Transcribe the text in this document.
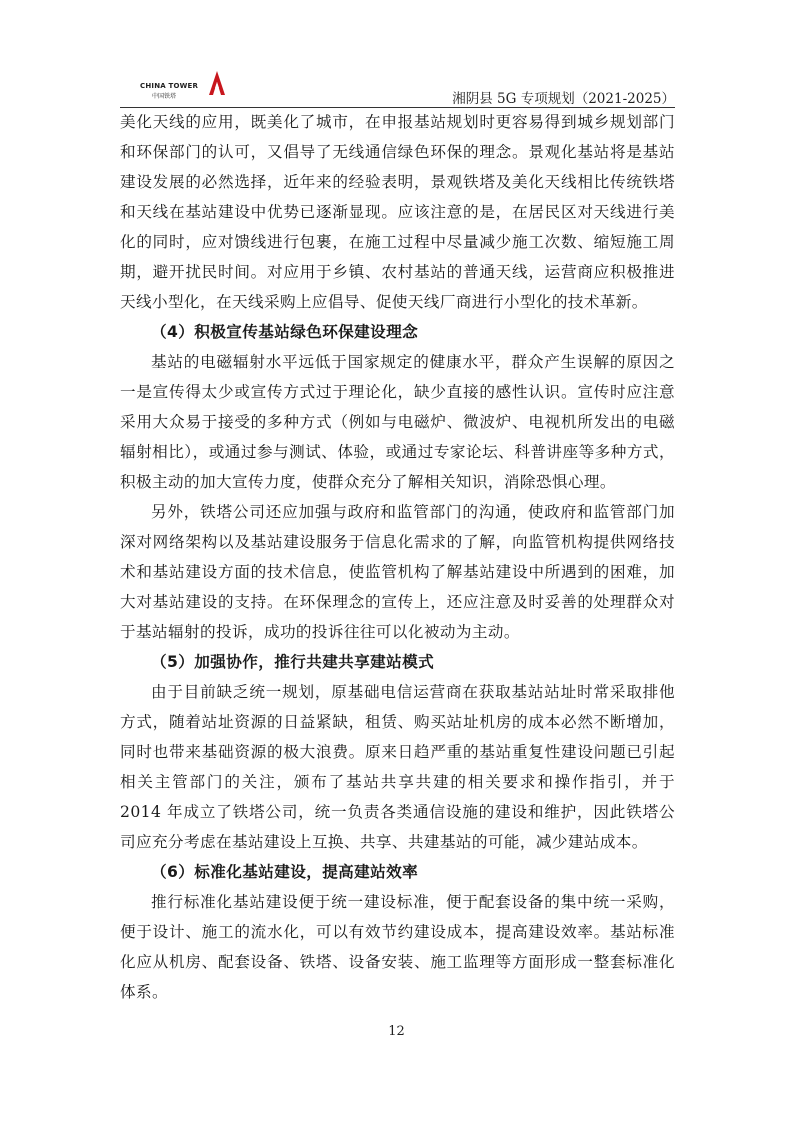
CHINA TOWER
中国铁塔	湘阴县 5G 专项规划（2021-2025）

美化天线的应用，既美化了城市，在申报基站规划时更容易得到城乡规划部门和环保部门的认可，又倡导了无线通信绿色环保的理念。景观化基站将是基站建设发展的必然选择，近年来的经验表明，景观铁塔及美化天线相比传统铁塔和天线在基站建设中优势已逐渐显现。应该注意的是，在居民区对天线进行美化的同时，应对馈线进行包裹，在施工过程中尽量减少施工次数、缩短施工周期，避开扰民时间。对应用于乡镇、农村基站的普通天线，运营商应积极推进天线小型化，在天线采购上应倡导、促使天线厂商进行小型化的技术革新。

（4）积极宣传基站绿色环保建设理念

基站的电磁辐射水平远低于国家规定的健康水平，群众产生误解的原因之一是宣传得太少或宣传方式过于理论化，缺少直接的感性认识。宣传时应注意采用大众易于接受的多种方式（例如与电磁炉、微波炉、电视机所发出的电磁辐射相比），或通过参与测试、体验，或通过专家论坛、科普讲座等多种方式，积极主动的加大宣传力度，使群众充分了解相关知识，消除恐惧心理。

另外，铁塔公司还应加强与政府和监管部门的沟通，使政府和监管部门加深对网络架构以及基站建设服务于信息化需求的了解，向监管机构提供网络技术和基站建设方面的技术信息，使监管机构了解基站建设中所遇到的困难，加大对基站建设的支持。在环保理念的宣传上，还应注意及时妥善的处理群众对于基站辐射的投诉，成功的投诉往往可以化被动为主动。

（5）加强协作，推行共建共享建站模式

由于目前缺乏统一规划，原基础电信运营商在获取基站站址时常采取排他方式，随着站址资源的日益紧缺，租赁、购买站址机房的成本必然不断增加，同时也带来基础资源的极大浪费。原来日趋严重的基站重复性建设问题已引起相关主管部门的关注，颁布了基站共享共建的相关要求和操作指引，并于 2014 年成立了铁塔公司，统一负责各类通信设施的建设和维护，因此铁塔公司应充分考虑在基站建设上互换、共享、共建基站的可能，减少建站成本。

（6）标准化基站建设，提高建站效率

推行标准化基站建设便于统一建设标准，便于配套设备的集中统一采购，便于设计、施工的流水化，可以有效节约建设成本，提高建设效率。基站标准化应从机房、配套设备、铁塔、设备安装、施工监理等方面形成一整套标准化体系。

12
